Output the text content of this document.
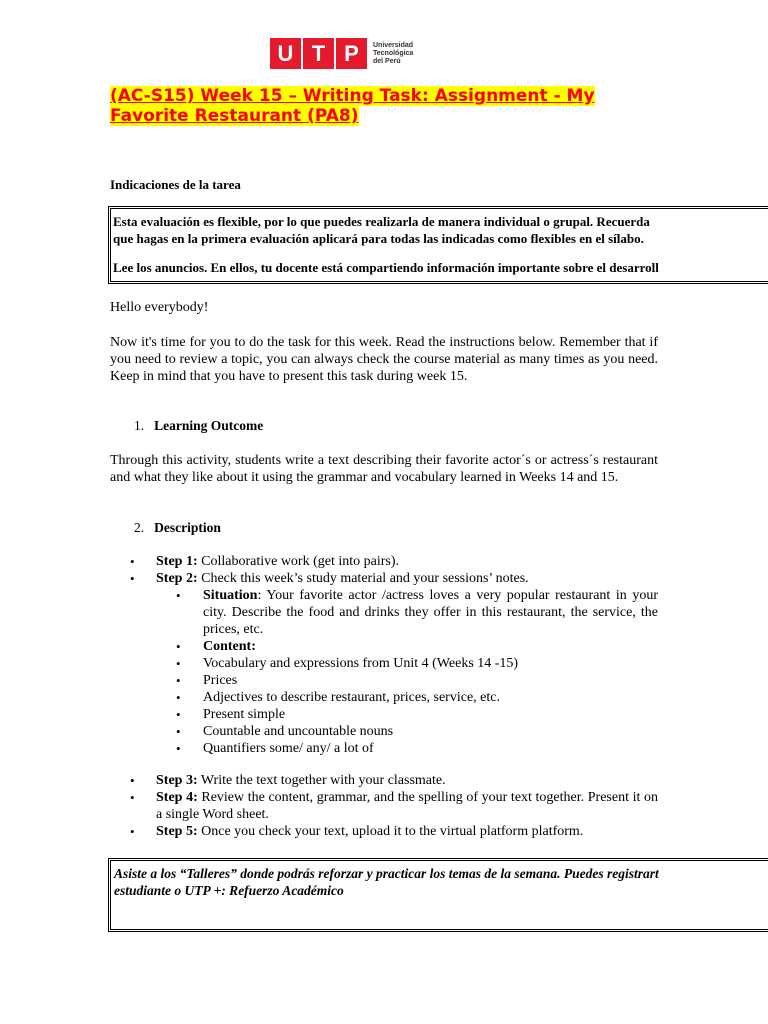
U T P	Universidad
Tecnológica
del Perú
(AC-S15) Week 15 – Writing Task: Assignment - My Favorite Restaurant (PA8)
Indicaciones de la tarea

Esta evaluación es flexible, por lo que puedes realizarla de manera individual o grupal. Recuerda

que hagas en la primera evaluación aplicará para todas las indicadas como flexibles en el sílabo.

Lee los anuncios. En ellos, tu docente está compartiendo información importante sobre el desarroll

Hello everybody!

Now it's time for you to do the task for this week. Read the instructions below. Remember that if you need to review a topic, you can always check the course material as many times as you need. Keep in mind that you have to present this task during week 15.

1. Learning Outcome

Through this activity, students write a text describing their favorite actor´s or actress´s restaurant and what they like about it using the grammar and vocabulary learned in Weeks 14 and 15.

2. Description
• Step 1: Collaborative work (get into pairs).
• Step 2: Check this week’s study material and your sessions’ notes.
• Situation: Your favorite actor /actress loves a very popular restaurant in your city. Describe the food and drinks they offer in this restaurant, the service, the prices, etc.
• Content:
• Vocabulary and expressions from Unit 4 (Weeks 14 -15)
• Prices
• Adjectives to describe restaurant, prices, service, etc.
• Present simple
• Countable and uncountable nouns
• Quantifiers some/ any/ a lot of
• Step 3: Write the text together with your classmate.
• Step 4: Review the content, grammar, and the spelling of your text together. Present it on a single Word sheet.
• Step 5: Once you check your text, upload it to the virtual platform platform.

Asiste a los “Talleres” donde podrás reforzar y practicar los temas de la semana. Puedes registrart

estudiante o UTP +: Refuerzo Académico
